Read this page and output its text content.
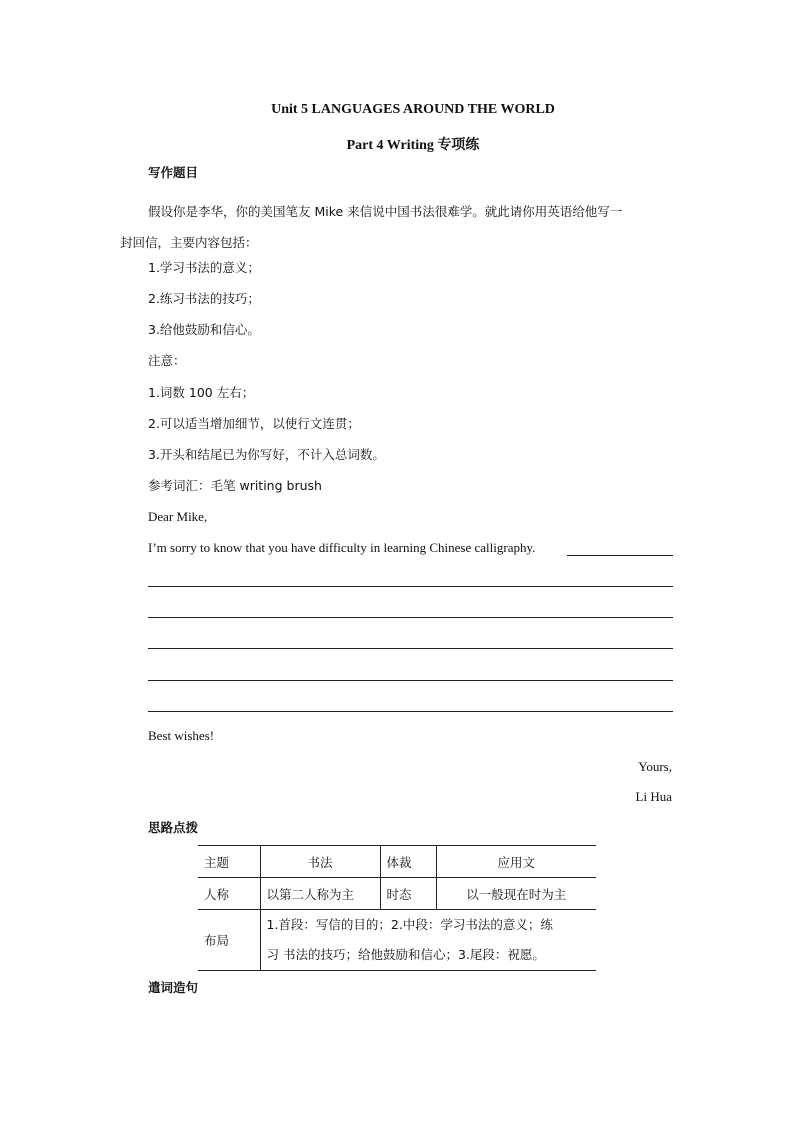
Unit 5 LANGUAGES AROUND THE WORLD
Part 4 Writing 专项练
写作题目
假设你是李华，你的美国笔友 Mike 来信说中国书法很难学。就此请你用英语给他写一
封回信，主要内容包括：
1.学习书法的意义；
2.练习书法的技巧；
3.给他鼓励和信心。
注意：
1.词数 100 左右；
2.可以适当增加细节，以使行文连贯；
3.开头和结尾已为你写好，不计入总词数。
参考词汇：毛笔 writing brush
Dear Mike,
I’m sorry to know that you have difficulty in learning Chinese calligraphy.
Best wishes!
Yours,
Li Hua
思路点拨
主题	书法	体裁	应用文
人称	以第二人称为主	时态	以一般现在时为主
布局	1.首段：写信的目的；2.中段：学习书法的意义；练
习 书法的技巧；给他鼓励和信心；3.尾段：祝愿。		
遣词造句
